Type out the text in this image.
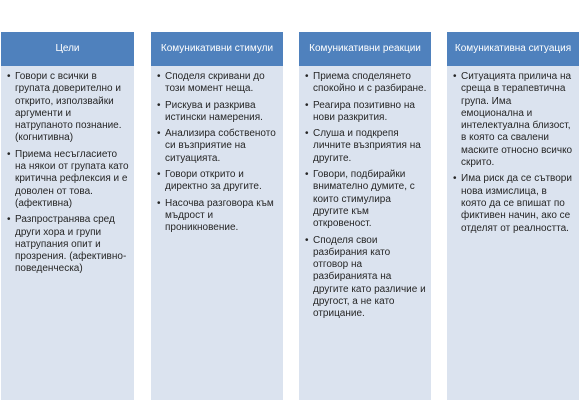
Цели
• Говори с всички в групата доверително и открито, използвайки аргументи и натрупаното познание. (когнитивна)
• Приема несъгласието на някои от групата като критична рефлексия и е доволен от това. (афективна)
• Разпространява сред други хора и групи натрупания опит и прозрения. (афективно-поведенческа)
Комуникативни стимули
• Споделя скривани до този момент неща.
• Рискува и разкрива истински намерения.
• Анализира собственото си възприятие на ситуацията.
• Говори открито и директно за другите.
• Насочва разговора към мъдрост и проникновение.
Комуникативни реакции
• Приема споделянето спокойно и с разбиране.
• Реагира позитивно на нови разкрития.
• Слуша и подкрепя личните възприятия на другите.
• Говори, подбирайки внимателно думите, с които стимулира другите към откровеност.
• Споделя свои разбирания като отговор на разбиранията на другите като различие и другост, а не като отрицание.
Комуникативна ситуация
• Ситуацията прилича на среща в терапевтична група. Има емоционална и интелектуална близост, в която са свалени маските относно всичко скрито.
• Има риск да се сътвори нова измислица, в която да се впишат по фиктивен начин, ако се отделят от реалността.
